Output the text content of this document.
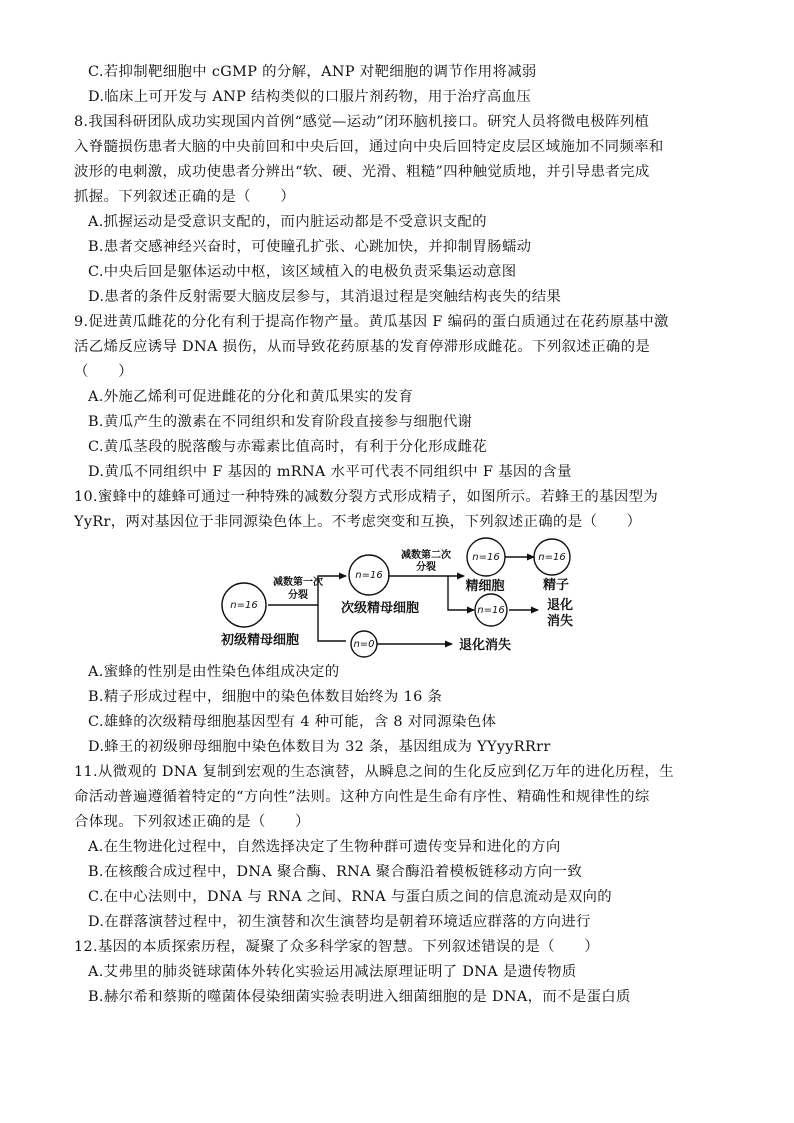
C.若抑制靶细胞中 cGMP 的分解，ANP 对靶细胞的调节作用将减弱
D.临床上可开发与 ANP 结构类似的口服片剂药物，用于治疗高血压
8.我国科研团队成功实现国内首例“感觉—运动”闭环脑机接口。研究人员将微电极阵列植
入脊髓损伤患者大脑的中央前回和中央后回，通过向中央后回特定皮层区域施加不同频率和
波形的电刺激，成功使患者分辨出“软、硬、光滑、粗糙”四种触觉质地，并引导患者完成
抓握。下列叙述正确的是（　　）
A.抓握运动是受意识支配的，而内脏运动都是不受意识支配的
B.患者交感神经兴奋时，可使瞳孔扩张、心跳加快，并抑制胃肠蠕动
C.中央后回是躯体运动中枢，该区域植入的电极负责采集运动意图
D.患者的条件反射需要大脑皮层参与，其消退过程是突触结构丧失的结果
9.促进黄瓜雌花的分化有利于提高作物产量。黄瓜基因 F 编码的蛋白质通过在花药原基中激
活乙烯反应诱导 DNA 损伤，从而导致花药原基的发育停滞形成雌花。下列叙述正确的是
（　　）
A.外施乙烯利可促进雌花的分化和黄瓜果实的发育
B.黄瓜产生的激素在不同组织和发育阶段直接参与细胞代谢
C.黄瓜茎段的脱落酸与赤霉素比值高时，有利于分化形成雌花
D.黄瓜不同组织中 F 基因的 mRNA 水平可代表不同组织中 F 基因的含量
10.蜜蜂中的雄蜂可通过一种特殊的减数分裂方式形成精子，如图所示。若蜂王的基因型为
YyRr，两对基因位于非同源染色体上。不考虑突变和互换，下列叙述正确的是（　　）
n=16
初级精母细胞
减数第一次
分裂
n=16
次级精母细胞
减数第二次
分裂
n=16
精细胞
n=16
精子
n=16	退化
消失
n=0	退化消失
A.蜜蜂的性别是由性染色体组成决定的
B.精子形成过程中，细胞中的染色体数目始终为 16 条
C.雄蜂的次级精母细胞基因型有 4 种可能，含 8 对同源染色体
D.蜂王的初级卵母细胞中染色体数目为 32 条，基因组成为 YYyyRRrr
11.从微观的 DNA 复制到宏观的生态演替，从瞬息之间的生化反应到亿万年的进化历程，生
命活动普遍遵循着特定的“方向性”法则。这种方向性是生命有序性、精确性和规律性的综
合体现。下列叙述正确的是（　　）
A.在生物进化过程中，自然选择决定了生物种群可遗传变异和进化的方向
B.在核酸合成过程中，DNA 聚合酶、RNA 聚合酶沿着模板链移动方向一致
C.在中心法则中，DNA 与 RNA 之间、RNA 与蛋白质之间的信息流动是双向的
D.在群落演替过程中，初生演替和次生演替均是朝着环境适应群落的方向进行
12.基因的本质探索历程，凝聚了众多科学家的智慧。下列叙述错误的是（　　）
A.艾弗里的肺炎链球菌体外转化实验运用减法原理证明了 DNA 是遗传物质
B.赫尔希和蔡斯的噬菌体侵染细菌实验表明进入细菌细胞的是 DNA，而不是蛋白质
